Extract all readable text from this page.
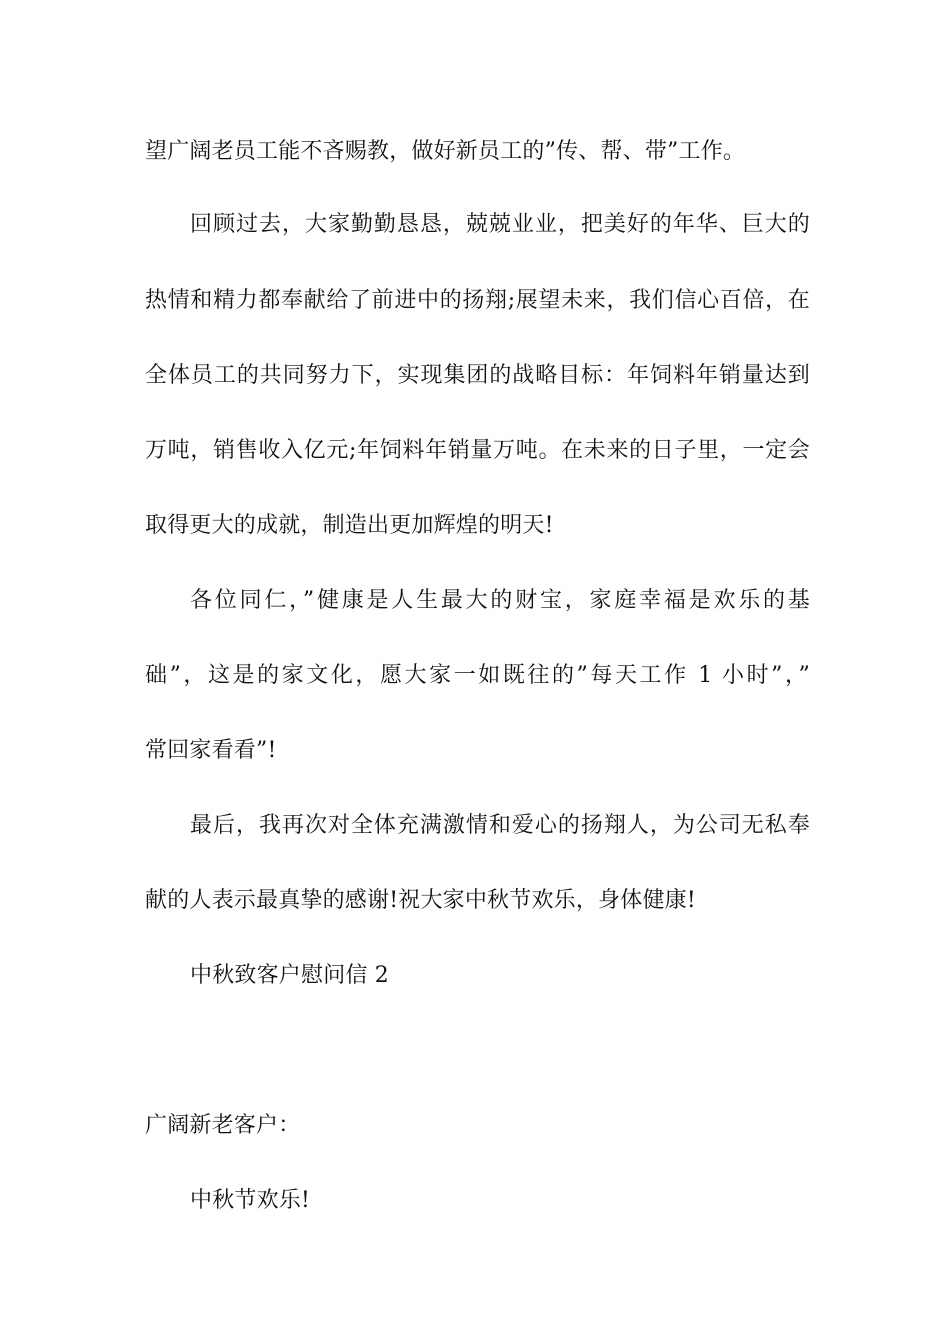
望广阔老员工能不吝赐教，做好新员工的”传、帮、带”工作。
回顾过去，大家勤勤恳恳，兢兢业业，把美好的年华、巨大的
热情和精力都奉献给了前进中的扬翔;展望未来，我们信心百倍，在
全体员工的共同努力下，实现集团的战略目标：年饲料年销量达到
万吨，销售收入亿元;年饲料年销量万吨。在未来的日子里，一定会
取得更大的成就，制造出更加辉煌的明天!
各位同仁，”健康是人生最大的财宝，家庭幸福是欢乐的基
础”，这是的家文化，愿大家一如既往的”每天工作 1 小时”，”
常回家看看”!
最后，我再次对全体充满激情和爱心的扬翔人，为公司无私奉
献的人表示最真挚的感谢!祝大家中秋节欢乐，身体健康!
中秋致客户慰问信 2
广阔新老客户：
中秋节欢乐!
